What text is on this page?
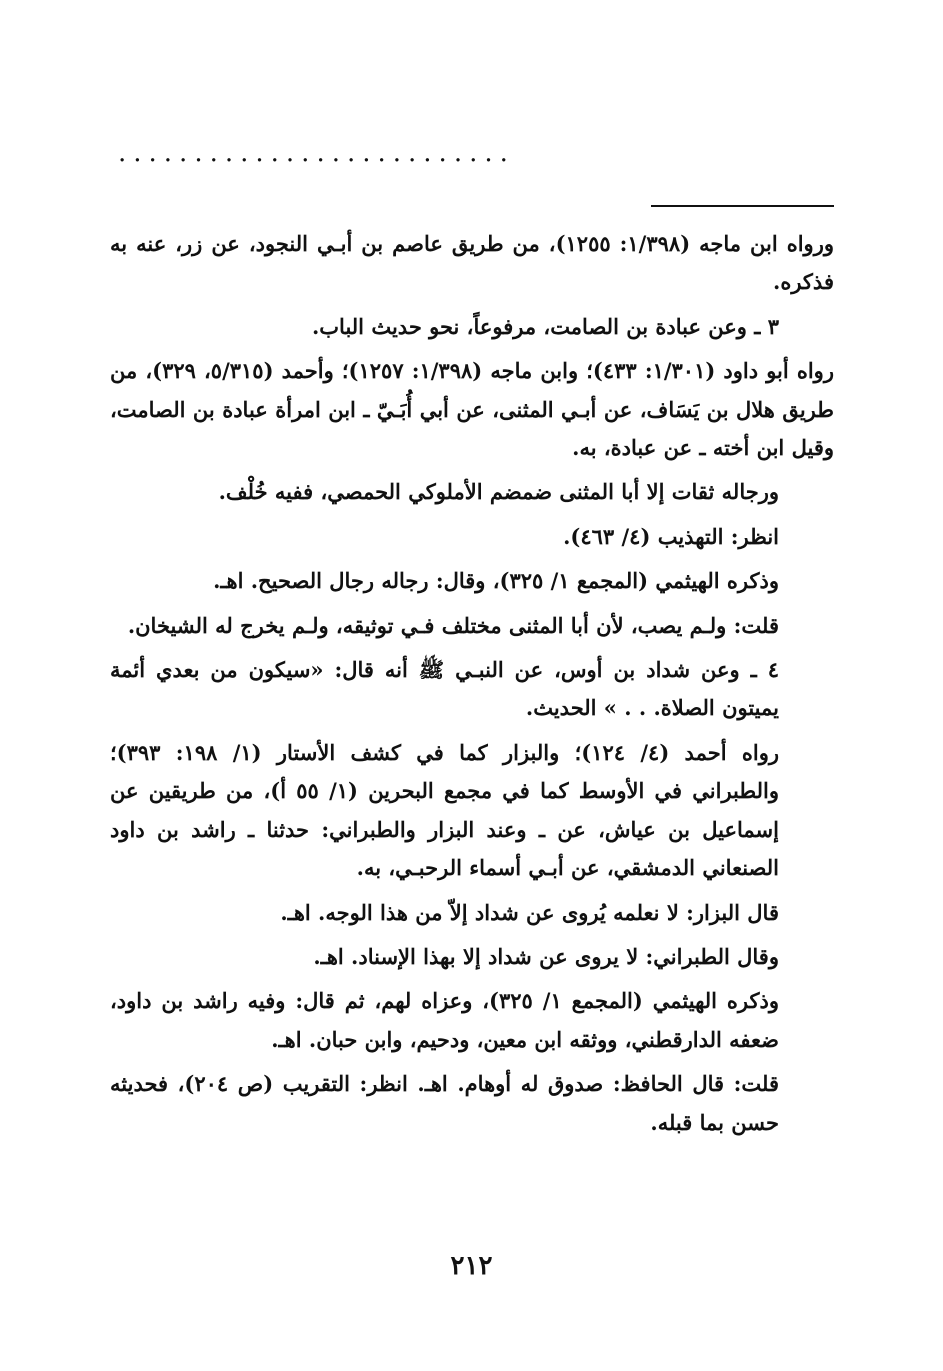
..........................

ورواه ابن ماجه (١/٣٩٨: ١٢٥٥)، من طريق عاصم بن أبـي النجود، عن زر، عنه به فذكره.

٣ ـ وعن عبادة بن الصامت، مرفوعاً، نحو حديث الباب.

رواه أبو داود (١/٣٠١: ٤٣٣)؛ وابن ماجه (١/٣٩٨: ١٢٥٧)؛ وأحمد (٥/٣١٥، ٣٢٩)، من طريق هلال بن يَسَاف، عن أبـي المثنى، عن أبي أُبَـيّ ـ ابن امرأة عبادة بن الصامت، وقيل ابن أخته ـ عن عبادة، به.

ورجاله ثقات إلا أبا المثنى ضمضم الأملوكي الحمصي، ففيه خُلْف.

انظر: التهذيب (٤/ ٤٦٣).

وذكره الهيثمي (المجمع ١/ ٣٢٥)، وقال: رجاله رجال الصحيح. اهـ.

قلت: ولـم يصب، لأن أبا المثنى مختلف فـي توثيقه، ولـم يخرج له الشيخان.

٤ ـ وعن شداد بن أوس، عن النبـي ﷺ أنه قال: «سيكون من بعدي أئمة يميتون الصلاة. . . » الحديث.

رواه أحمد (٤/ ١٢٤)؛ والبزار كما في كشف الأستار (١/ ١٩٨: ٣٩٣)؛ والطبراني في الأوسط كما في مجمع البحرين (١/ ٥٥ أ)، من طريقين عن إسماعيل بن عياش، عن ـ وعند البزار والطبراني: حدثنا ـ راشد بن داود الصنعاني الدمشقي، عن أبـي أسماء الرحبـي، به.

قال البزار: لا نعلمه يُروى عن شداد إلاّ من هذا الوجه. اهـ.

وقال الطبراني: لا يروى عن شداد إلا بهذا الإسناد. اهـ.

وذكره الهيثمي (المجمع ١/ ٣٢٥)، وعزاه لهم، ثم قال: وفيه راشد بن داود، ضعفه الدارقطني، ووثقه ابن معين، ودحيم، وابن حبان. اهـ.

قلت: قال الحافظ: صدوق له أوهام. اهـ. انظر: التقريب (ص ٢٠٤)، فحديثه حسن بما قبله.

٢١٢
